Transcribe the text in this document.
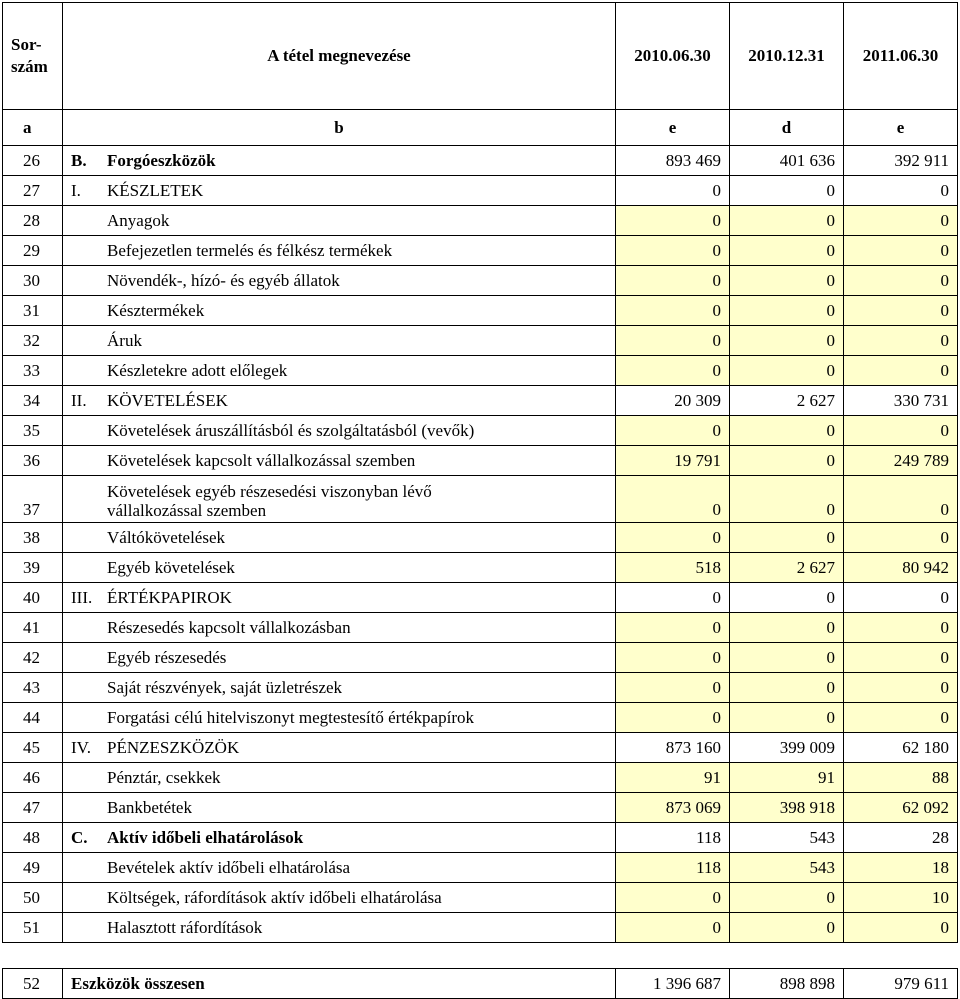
Sor-
szám	A tétel megnevezése	2010.06.30	2010.12.31	2011.06.30
a	b	e	d	e
26	B. Forgóeszközök	893 469	401 636	392 911
27	I. KÉSZLETEK	0	0	0
28	Anyagok	0	0	0
29	Befejezetlen termelés és félkész termékek	0	0	0
30	Növendék-, hízó- és egyéb állatok	0	0	0
31	Késztermékek	0	0	0
32	Áruk	0	0	0
33	Készletekre adott előlegek	0	0	0
34	II. KÖVETELÉSEK	20 309	2 627	330 731
35	Követelések áruszállításból és szolgáltatásból (vevők)	0	0	0
36	Követelések kapcsolt vállalkozással szemben	19 791	0	249 789
37	Követelések egyéb részesedési viszonyban lévő
vállalkozással szemben	0	0	0
38	Váltókövetelések	0	0	0
39	Egyéb követelések	518	2 627	80 942
40	III. ÉRTÉKPAPIROK	0	0	0
41	Részesedés kapcsolt vállalkozásban	0	0	0
42	Egyéb részesedés	0	0	0
43	Saját részvények, saját üzletrészek	0	0	0
44	Forgatási célú hitelviszonyt megtestesítő értékpapírok	0	0	0
45	IV. PÉNZESZKÖZÖK	873 160	399 009	62 180
46	Pénztár, csekkek	91	91	88
47	Bankbetétek	873 069	398 918	62 092
48	C. Aktív időbeli elhatárolások	118	543	28
49	Bevételek aktív időbeli elhatárolása	118	543	18
50	Költségek, ráfordítások aktív időbeli elhatárolása	0	0	10
51	Halasztott ráfordítások	0	0	0
52	Eszközök összesen	1 396 687	898 898	979 611
